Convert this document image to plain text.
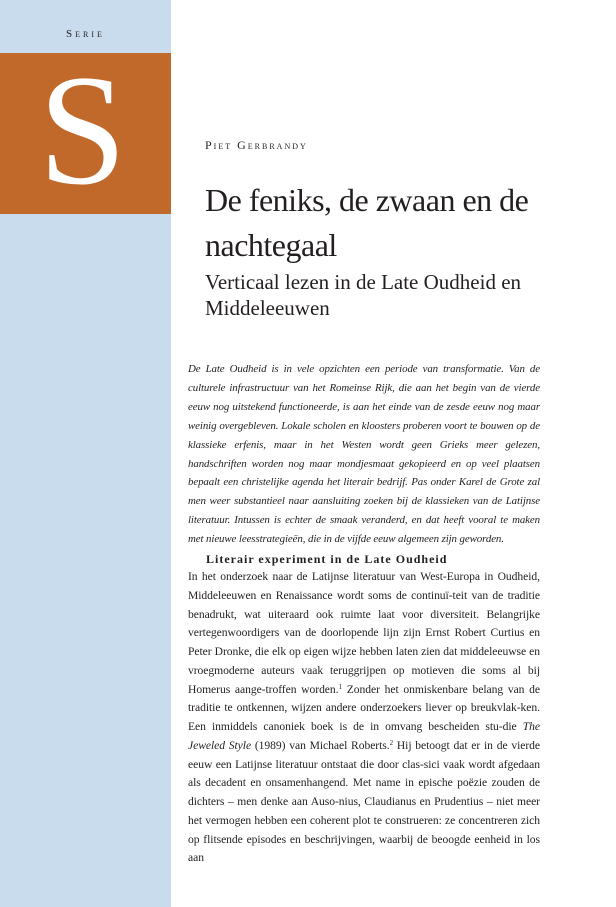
Serie
S	Piet Gerbrandy
De feniks, de zwaan en de nachtegaal
Verticaal lezen in de Late Oudheid en Middeleeuwen

De Late Oudheid is in vele opzichten een periode van transformatie. Van de culturele infrastructuur van het Romeinse Rijk, die aan het begin van de vierde eeuw nog uitstekend functioneerde, is aan het einde van de zesde eeuw nog maar weinig overgebleven. Lokale scholen en kloosters proberen voort te bouwen op de klassieke erfenis, maar in het Westen wordt geen Grieks meer gelezen, handschriften worden nog maar mondjesmaat gekopieerd en op veel plaatsen bepaalt een christelijke agenda het literair bedrijf. Pas onder Karel de Grote zal men weer substantieel naar aansluiting zoeken bij de klassieken van de Latijnse literatuur. Intussen is echter de smaak veranderd, en dat heeft vooral te maken met nieuwe leesstrategieën, die in de vijfde eeuw algemeen zijn geworden.

Literair experiment in de Late Oudheid

In het onderzoek naar de Latijnse literatuur van West-Europa in Oudheid, Middeleeuwen en Renaissance wordt soms de continuï-teit van de traditie benadrukt, wat uiteraard ook ruimte laat voor diversiteit. Belangrijke vertegenwoordigers van de doorlopende lijn zijn Ernst Robert Curtius en Peter Dronke, die elk op eigen wijze hebben laten zien dat middeleeuwse en vroegmoderne auteurs vaak teruggrijpen op motieven die soms al bij Homerus aange-troffen worden.$^1$ Zonder het onmiskenbare belang van de traditie te ontkennen, wijzen andere onderzoekers liever op breukvlak-ken. Een inmiddels canoniek boek is de in omvang bescheiden stu-die The Jeweled Style (1989) van Michael Roberts.$^2$ Hij betoogt dat er in de vierde eeuw een Latijnse literatuur ontstaat die door clas-sici vaak wordt afgedaan als decadent en onsamenhangend. Met name in epische poëzie zouden de dichters – men denke aan Auso-nius, Claudianus en Prudentius – niet meer het vermogen hebben een coherent plot te construeren: ze concentreren zich op flitsende episodes en beschrijvingen, waarbij de beoogde eenheid in los aan
